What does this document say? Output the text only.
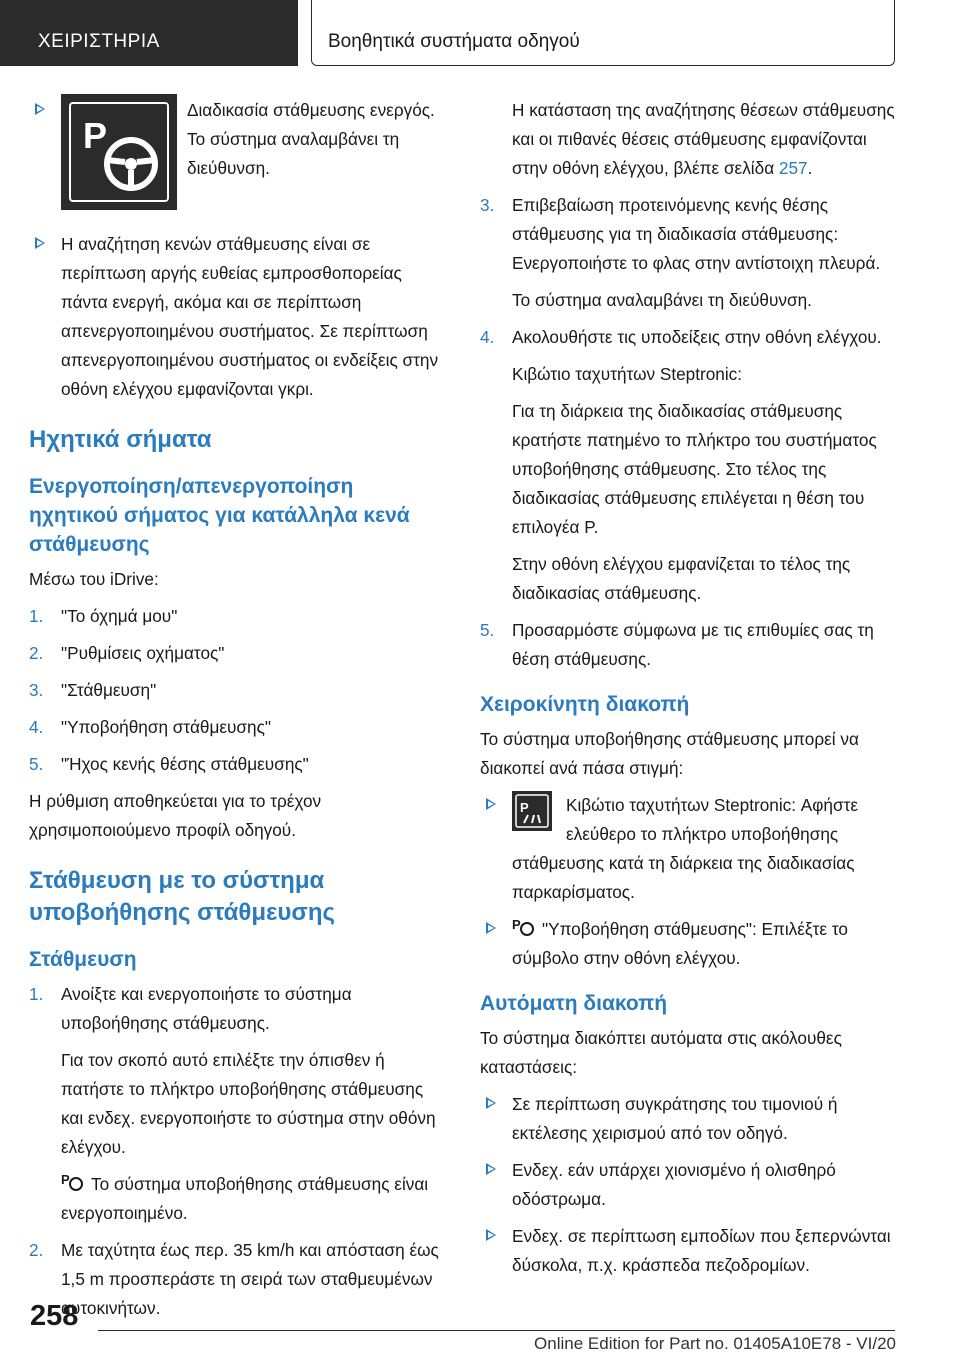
ΧΕΙΡΙΣΤΗΡΙΑ	Βοηθητικά συστήματα οδηγού
P
Διαδικασία στάθμευσης ενεργός. Το σύστημα αναλαμβάνει τη διεύθυνση.
Η αναζήτηση κενών στάθμευσης είναι σε περίπτωση αργής ευθείας εμπροσθοπορείας πάντα ενεργή, ακόμα και σε περίπτωση απενεργοποιημένου συστήματος. Σε περίπτωση απενεργοποιημένου συστήματος οι ενδείξεις στην οθόνη ελέγχου εμφανίζονται γκρι.
Ηχητικά σήματα
Ενεργοποίηση/απενεργοποίηση ηχητικού σήματος για κατάλληλα κενά στάθμευσης

Μέσω του iDrive:

1. "Το όχημά μου"
2. "Ρυθμίσεις οχήματος"
3. "Στάθμευση"
4. "Υποβοήθηση στάθμευσης"
5. "Ήχος κενής θέσης στάθμευσης"

Η ρύθμιση αποθηκεύεται για το τρέχον χρησιμοποιούμενο προφίλ οδηγού.

Στάθμευση με το σύστημα υποβοήθησης στάθμευσης
Στάθμευση
1. Ανοίξτε και ενεργοποιήστε το σύστημα υποβοήθησης στάθμευσης.

Για τον σκοπό αυτό επιλέξτε την όπισθεν ή πατήστε το πλήκτρο υποβοήθησης στάθμευσης και ενδεχ. ενεργοποιήστε το σύστημα στην οθόνη ελέγχου.

P Το σύστημα υποβοήθησης στάθμευσης είναι ενεργοποιημένο.

2. Με ταχύτητα έως περ. 35 km/h και απόσταση έως 1,5 m προσπεράστε τη σειρά των σταθμευμένων αυτοκινήτων.

Η κατάσταση της αναζήτησης θέσεων στάθμευσης και οι πιθανές θέσεις στάθμευσης εμφανίζονται στην οθόνη ελέγχου, βλέπε σελίδα 257.

3. Επιβεβαίωση προτεινόμενης κενής θέσης στάθμευσης για τη διαδικασία στάθμευσης: Ενεργοποιήστε το φλας στην αντίστοιχη πλευρά.

Το σύστημα αναλαμβάνει τη διεύθυνση.

4. Ακολουθήστε τις υποδείξεις στην οθόνη ελέγχου.

Κιβώτιο ταχυτήτων Steptronic:

Για τη διάρκεια της διαδικασίας στάθμευσης κρατήστε πατημένο το πλήκτρο του συστήματος υποβοήθησης στάθμευσης. Στο τέλος της διαδικασίας στάθμευσης επιλέγεται η θέση του επιλογέα P.

Στην οθόνη ελέγχου εμφανίζεται το τέλος της διαδικασίας στάθμευσης.

5. Προσαρμόστε σύμφωνα με τις επιθυμίες σας τη θέση στάθμευσης.
Χειροκίνητη διακοπή

Το σύστημα υποβοήθησης στάθμευσης μπορεί να διακοπεί ανά πάσα στιγμή:

P Κιβώτιο ταχυτήτων Steptronic: Αφήστε ελεύθερο το πλήκτρο υποβοήθησης στάθμευσης κατά τη διάρκεια της διαδικασίας παρκαρίσματος.
P "Υποβοήθηση στάθμευσης": Επιλέξτε το σύμβολο στην οθόνη ελέγχου.
Αυτόματη διακοπή

Το σύστημα διακόπτει αυτόματα στις ακόλουθες καταστάσεις:

Σε περίπτωση συγκράτησης του τιμονιού ή εκτέλεσης χειρισμού από τον οδηγό.
Ενδεχ. εάν υπάρχει χιονισμένο ή ολισθηρό οδόστρωμα.
Ενδεχ. σε περίπτωση εμποδίων που ξεπερνώνται δύσκολα, π.χ. κράσπεδα πεζοδρομίων.
258
Online Edition for Part no. 01405A10E78 - VI/20
